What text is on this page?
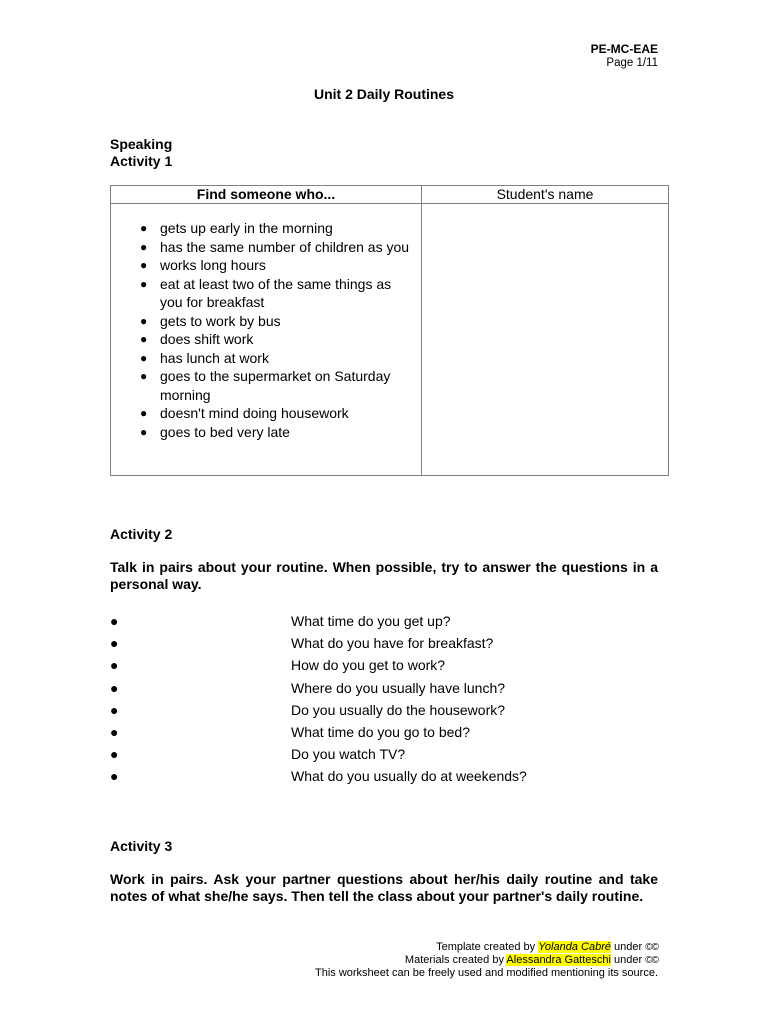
PE-MC-EAE
Page 1/11
Unit 2 Daily Routines
Speaking
Activity 1
Find someone who...	Student's name

● gets up early in the morning
● has the same number of children as you
● works long hours
● eat at least two of the same things as you for breakfast
● gets to work by bus
● does shift work
● has lunch at work
● goes to the supermarket on Saturday morning
● doesn't mind doing housework
● goes to bed very late
Activity 2
Talk in pairs about your routine. When possible, try to answer the questions in a personal way.
●	What time do you get up?
●	What do you have for breakfast?
●	How do you get to work?
●	Where do you usually have lunch?
●	Do you usually do the housework?
●	What time do you go to bed?
●	Do you watch TV?
●	What do you usually do at weekends?
Activity 3
Work in pairs. Ask your partner questions about her/his daily routine and take notes of what she/he says. Then tell the class about your partner's daily routine.
Template created by Yolanda Cabré under ©©
Materials created by Alessandra Gatteschi under ©©
This worksheet can be freely used and modified mentioning its source.
